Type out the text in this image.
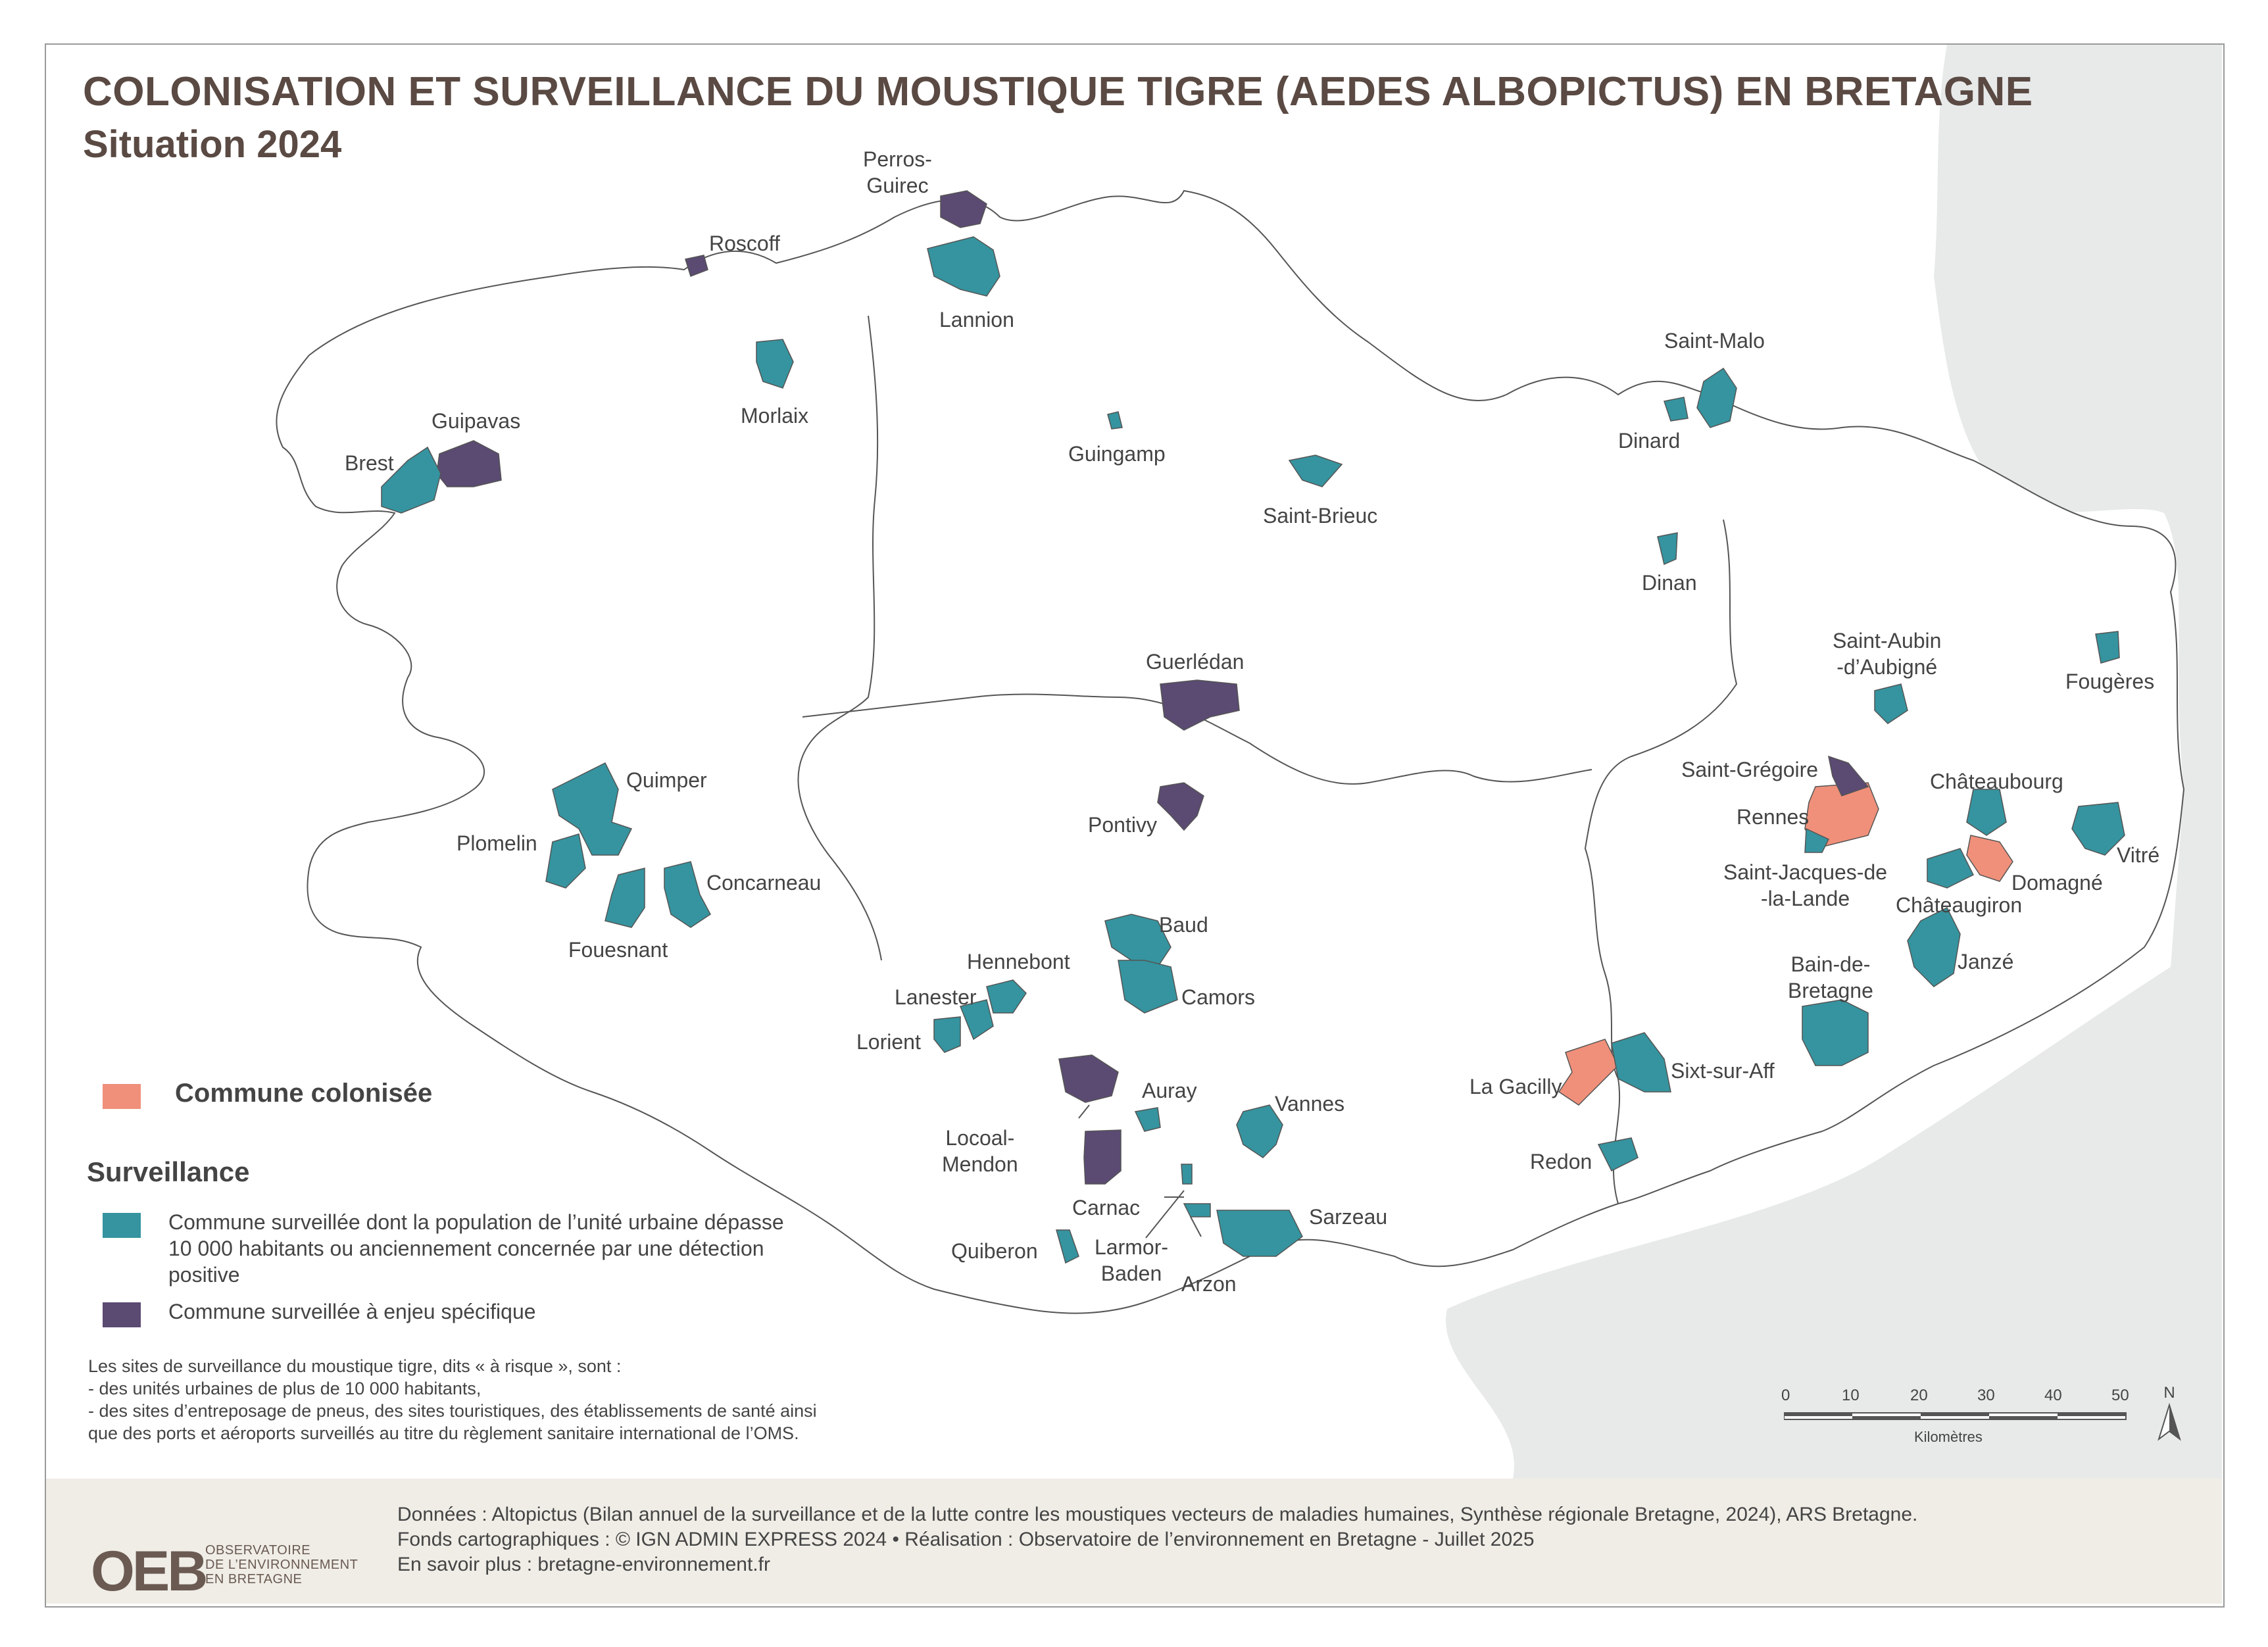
COLONISATION ET SURVEILLANCE DU MOUSTIQUE TIGRE (AEDES ALBOPICTUS) EN BRETAGNE
Situation 2024	Perros-
Guirec
Roscoff
Lannion
Morlaix
Guipavas
Brest	Guingamp
Saint-Brieuc
Saint-Malo
Dinard
Dinan
Saint-Aubin
-d’Aubigné
Fougères
Guerlédan
Quimper
Plomelin
Concarneau
Fouesnant
Pontivy
Saint-Grégoire
Rennes
Châteaubourg
Vitré
Saint-Jacques-de
-la-Lande
Domagné
Châteaugiron
Baud
Hennebont
Camors
Lanester
Lorient
Janzé
Bain-de-
Bretagne
Auray
Vannes
Locoal-
Mendon
La Gacilly
Sixt-sur-Aff
Redon
Carnac	Sarzeau
Quiberon	Larmor-
Baden Arzon
Commune colonisée
Surveillance
Commune surveillée dont la population de l’unité urbaine dépasse 10 000 habitants ou anciennement concernée par une détection positive
Commune surveillée à enjeu spécifique
Les sites de surveillance du moustique tigre, dits « à risque », sont :
- des unités urbaines de plus de 10 000 habitants,
- des sites d’entreposage de pneus, des sites touristiques, des établissements de santé ainsi
que des ports et aéroports surveillés au titre du règlement sanitaire international de l’OMS.
0	10	20	30	40	50
Kilomètres
N
OEB OBSERVATOIRE
DE L’ENVIRONNEMENT
EN BRETAGNE
Données : Altopictus (Bilan annuel de la surveillance et de la lutte contre les moustiques vecteurs de maladies humaines, Synthèse régionale Bretagne, 2024), ARS Bretagne.
Fonds cartographiques : © IGN ADMIN EXPRESS 2024 • Réalisation : Observatoire de l’environnement en Bretagne - Juillet 2025
En savoir plus : bretagne-environnement.fr
